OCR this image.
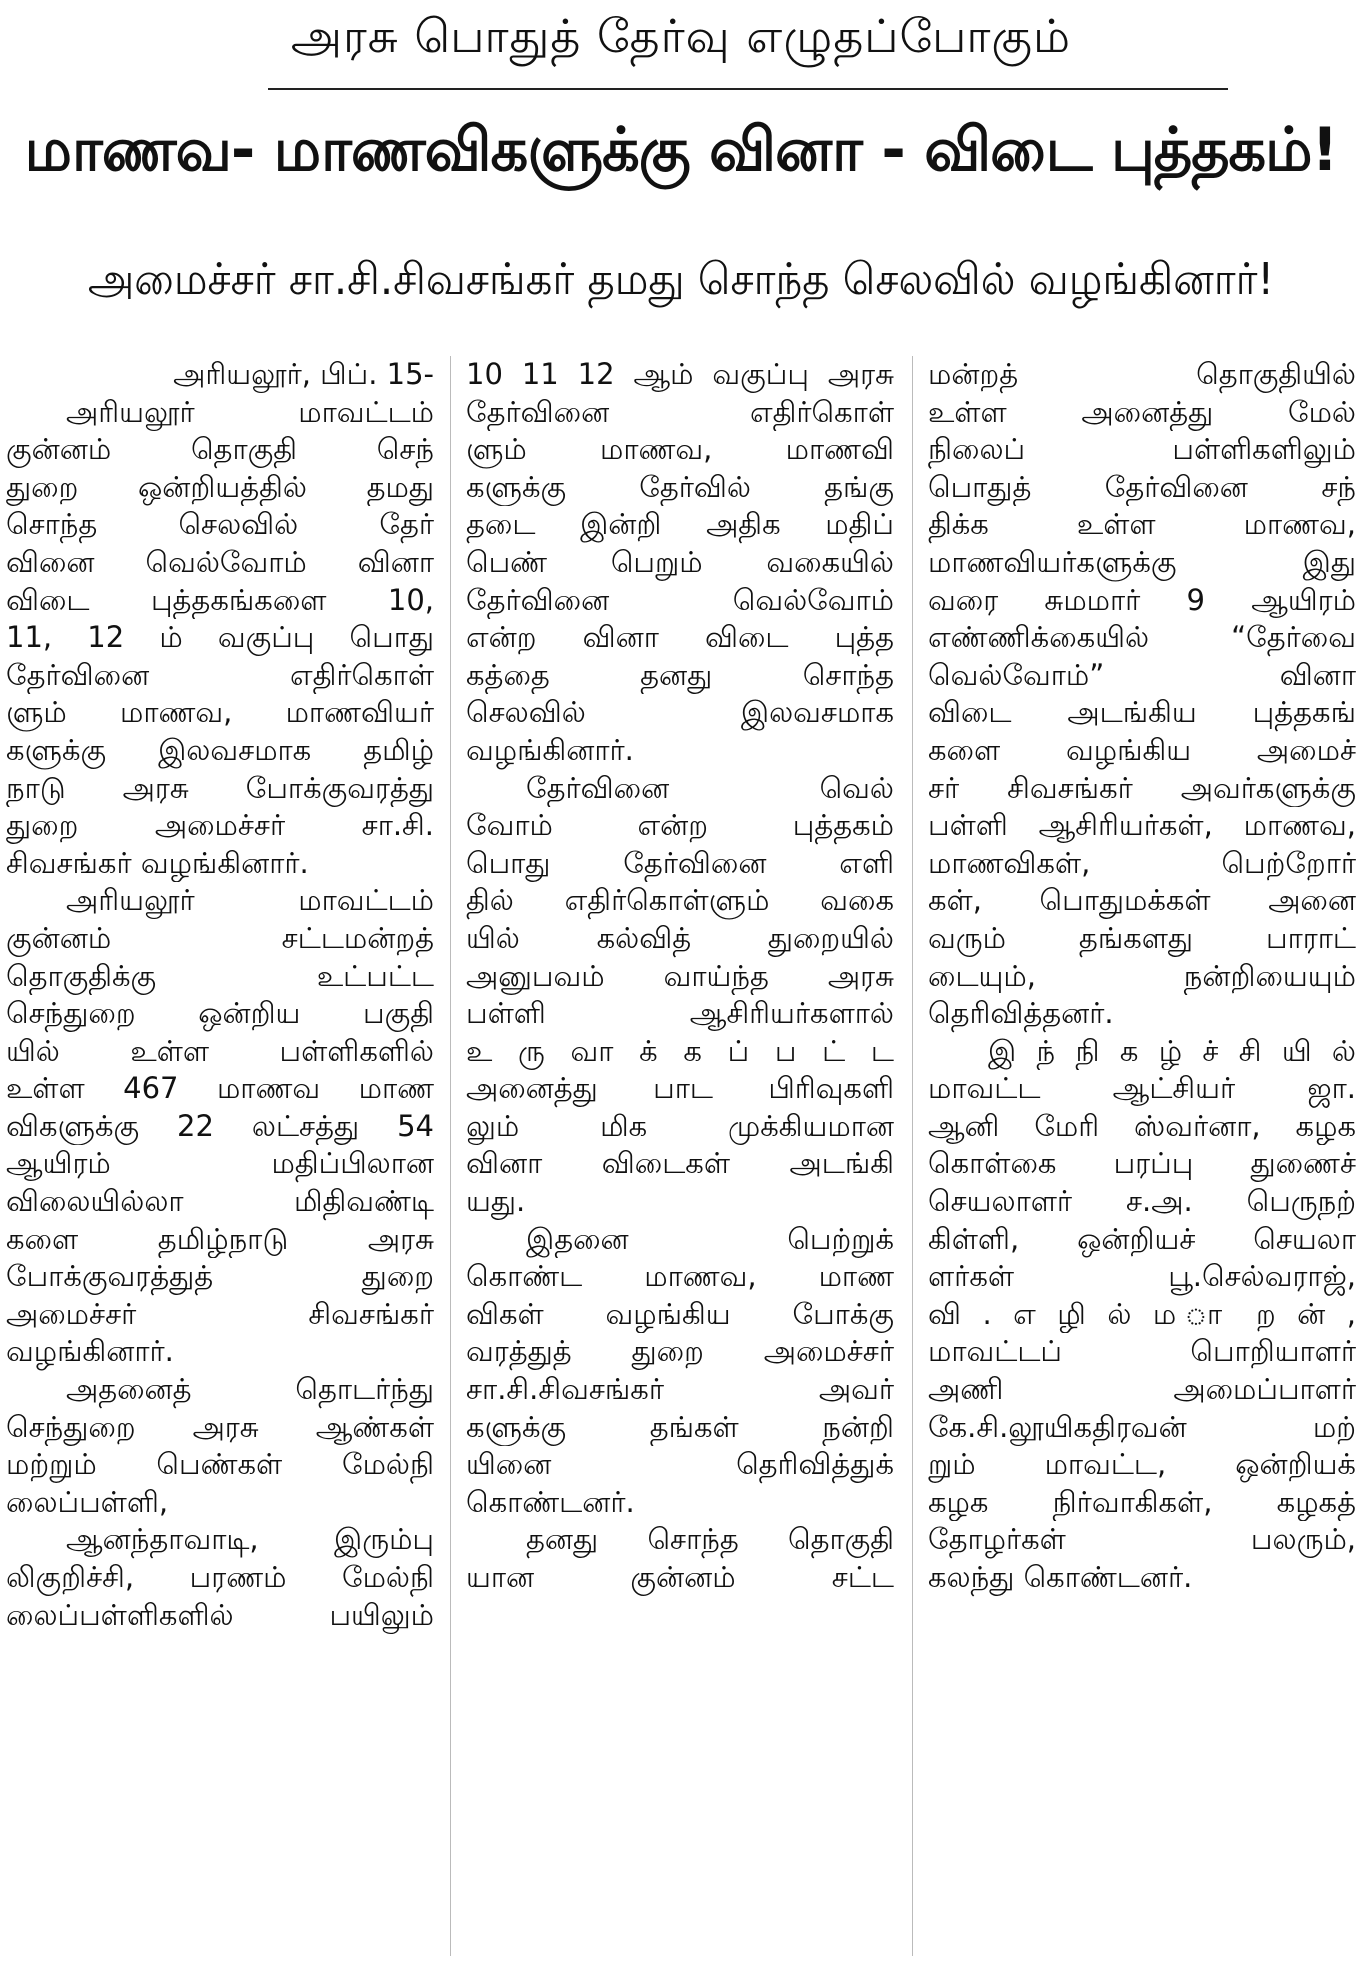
அரசு பொதுத் தேர்வு எழுதப்போகும்
மாணவ- மாணவிகளுக்கு வினா - விடை புத்தகம்!
அமைச்சர் சா.சி.சிவசங்கர் தமது சொந்த செலவில் வழங்கினார்!
அரியலூர், பிப். 15-
அரியலூர் மாவட்டம்
குன்னம் தொகுதி செந்
துறை ஒன்றியத்தில் தமது
சொந்த செலவில் தேர்
வினை வெல்வோம் வினா
விடை புத்தகங்களை 10,
11, 12 ம் வகுப்பு பொது
தேர்வினை எதிர்கொள்
ளும் மாணவ, மாணவியர்
களுக்கு இலவசமாக தமிழ்
நாடு அரசு போக்குவரத்து
துறை அமைச்சர் சா.சி.
சிவசங்கர் வழங்கினார்.
அரியலூர் மாவட்டம்
குன்னம் சட்டமன்றத்
தொகுதிக்கு உட்பட்ட
செந்துறை ஒன்றிய பகுதி
யில் உள்ள பள்ளிகளில்
உள்ள 467 மாணவ மாண
விகளுக்கு 22 லட்சத்து 54
ஆயிரம் மதிப்பிலான
விலையில்லா மிதிவண்டி
களை தமிழ்நாடு அரசு
போக்குவரத்துத் துறை
அமைச்சர் சிவசங்கர்
வழங்கினார்.
அதனைத் தொடர்ந்து
செந்துறை அரசு ஆண்கள்
மற்றும் பெண்கள் மேல்நி
லைப்பள்ளி,
ஆனந்தாவாடி, இரும்பு
லிகுறிச்சி, பரணம் மேல்நி
லைப்பள்ளிகளில் பயிலும்
10 11 12 ஆம் வகுப்பு அரசு
தேர்வினை எதிர்கொள்
ளும் மாணவ, மாணவி
களுக்கு தேர்வில் தங்கு
தடை இன்றி அதிக மதிப்
பெண் பெறும் வகையில்
தேர்வினை வெல்வோம்
என்ற வினா விடை புத்த
கத்தை தனது சொந்த
செலவில் இலவசமாக
வழங்கினார்.
தேர்வினை வெல்
வோம் என்ற புத்தகம்
பொது தேர்வினை எளி
தில் எதிர்கொள்ளும் வகை
யில் கல்வித் துறையில்
அனுபவம் வாய்ந்த அரசு
பள்ளி ஆசிரியர்களால்
உ ரு வா க் க ப் ப ட் ட
அனைத்து பாட பிரிவுகளி
லும் மிக முக்கியமான
வினா விடைகள் அடங்கி
யது.
இதனை பெற்றுக்
கொண்ட மாணவ, மாண
விகள் வழங்கிய போக்கு
வரத்துத் துறை அமைச்சர்
சா.சி.சிவசங்கர் அவர்
களுக்கு தங்கள் நன்றி
யினை தெரிவித்துக்
கொண்டனர்.
தனது சொந்த தொகுதி
யான குன்னம் சட்ட
மன்றத் தொகுதியில்
உள்ள அனைத்து மேல்
நிலைப் பள்ளிகளிலும்
பொதுத் தேர்வினை சந்
திக்க உள்ள மாணவ,
மாணவியர்களுக்கு இது
வரை சுமமார் 9 ஆயிரம்
எண்ணிக்கையில் “தேர்வை
வெல்வோம்” வினா
விடை அடங்கிய புத்தகங்
களை வழங்கிய அமைச்
சர் சிவசங்கர் அவர்களுக்கு
பள்ளி ஆசிரியர்கள், மாணவ,
மாணவிகள், பெற்றோர்
கள், பொதுமக்கள் அனை
வரும் தங்களது பாராட்
டையும், நன்றியையும்
தெரிவித்தனர்.
இ ந் நி க ழ் ச் சி யி ல்
மாவட்ட ஆட்சியர் ஜா.
ஆனி மேரி ஸ்வர்னா, கழக
கொள்கை பரப்பு துணைச்
செயலாளர் ச.அ. பெருநற்
கிள்ளி, ஒன்றியச் செயலா
ளர்கள் பூ.செல்வராஜ்,
வி . எ ழி ல் ம ா ற ன் ,
மாவட்டப் பொறியாளர்
அணி அமைப்பாளர்
கே.சி.லூயிகதிரவன் மற்
றும் மாவட்ட, ஒன்றியக்
கழக நிர்வாகிகள், கழகத்
தோழர்கள் பலரும்,
கலந்து கொண்டனர்.
